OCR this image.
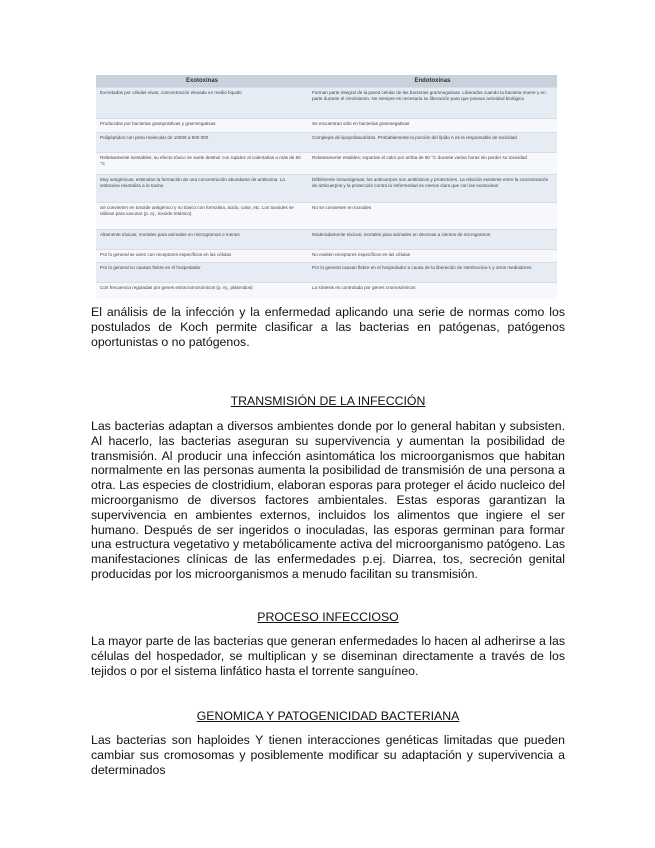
Exotoxinas	Endotoxinas
Excretados por células vivas, concentración elevada en medio líquido	Forman parte integral de la pared celular de las bacterias gramnegativas. Liberados cuando la bacteria muere y en parte durante el crecimiento. No siempre es necesaria su liberación para que posean actividad biológica
Producidas por bacterias grampositivas y gramnegativas	Se encuentran sólo en bacterias gramnegativas
Polipéptidos con peso molecular de 10000 a 900 000	Complejos de lipopolisacáridos. Probablemente la porción del lípido A es la responsable de toxicidad
Relativamente inestables; su efecto tóxico se suele destruir con rapidez al calentarlas a más de 60 °C	Relativamente estables; soportan el calor por arriba de 60 °C durante varias horas sin perder su toxicidad
Muy antigénicas; estimulan la formación de una concentración abundante de antitoxina. La antitoxina neutraliza a la toxina	Débilmente inmunógenas; los anticuerpos son antitóxicos y protectores. La relación existente entre la concentración de anticuerpos y la protección contra la enfermedad es menos clara que con las exotoxinas
Se convierten en toxoide antigénico y no tóxico con formalina, ácido, calor, etc. Los toxoides se utilizan para vacunar (p. ej., toxoide tetánico)	No se convierten en toxoides
Altamente tóxicas; mortales para animales en microgramos o menos	Moderadamente tóxicas; mortales para animales en decenas a cientos de microgramos
Por lo general se unen con receptores específicos en las células	No existen receptores específicos en las células
Por lo general no causan fiebre en el hospedador	Por lo general causan fiebre en el hospedador a causa de la liberación de interleucina-1 y otros mediadores
Con frecuencia reguladas por genes extracromosómicos (p. ej., plásmidos)	La síntesis es controlada por genes cromosómicos

El análisis de la infección y la enfermedad aplicando una serie de normas como los postulados de Koch permite clasificar a las bacterias en patógenas, patógenos oportunistas o no patógenos.

TRANSMISIÓN DE LA INFECCIÓN

Las bacterias adaptan a diversos ambientes donde por lo general habitan y subsisten. Al hacerlo, las bacterias aseguran su supervivencia y aumentan la posibilidad de transmisión. Al producir una infección asintomática los microorganismos que habitan normalmente en las personas aumenta la posibilidad de transmisión de una persona a otra. Las especies de clostridium, elaboran esporas para proteger el ácido nucleico del microorganismo de diversos factores ambientales. Estas esporas garantizan la supervivencia en ambientes externos, incluidos los alimentos que ingiere el ser humano. Después de ser ingeridos o inoculadas, las esporas germinan para formar una estructura vegetativo y metabólicamente activa del microorganismo patógeno. Las manifestaciones clínicas de las enfermedades p.ej. Diarrea, tos, secreción genital producidas por los microorganismos a menudo facilitan su transmisión.

PROCESO INFECCIOSO

La mayor parte de las bacterias que generan enfermedades lo hacen al adherirse a las células del hospedador, se multiplican y se diseminan directamente a través de los tejidos o por el sistema linfático hasta el torrente sanguíneo.

GENOMICA Y PATOGENICIDAD BACTERIANA

Las bacterias son haploides Y tienen interacciones genéticas limitadas que pueden cambiar sus cromosomas y posiblemente modificar su adaptación y supervivencia a determinados
